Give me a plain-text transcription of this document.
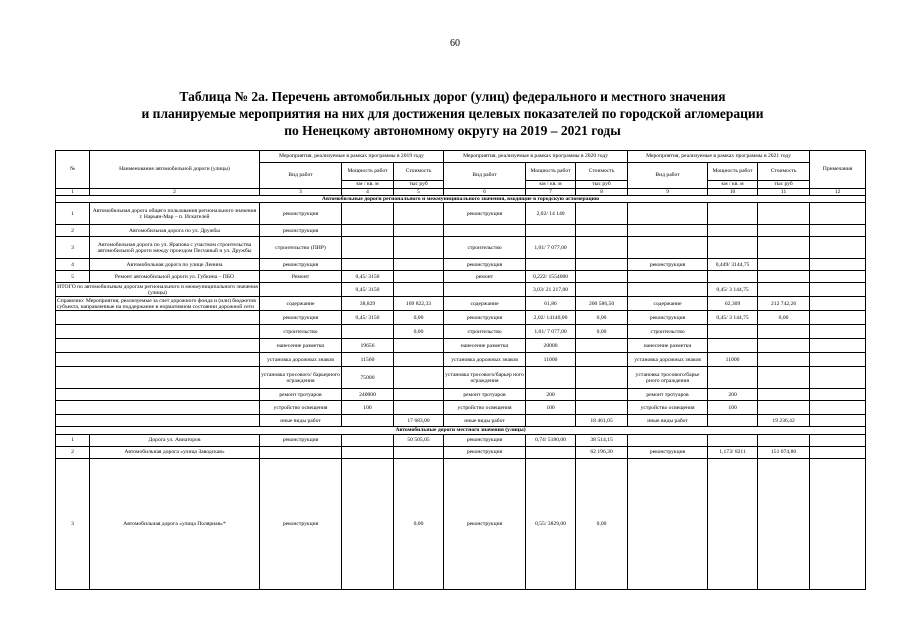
60
Таблица № 2а. Перечень автомобильных дорог (улиц) федерального и местного значения
и планируемые мероприятия на них для достижения целевых показателей по городской агломерации
по Ненецкому автономному округу на 2019 – 2021 годы
№	Наименование автомобильной дороги (улицы)	Мероприятия, реализуемые в рамках программы в 2019 году			Мероприятия, реализуемые в рамках программы в 2020 году			Мероприятия, реализуемые в рамках программы в 2021 году			Примечания	
		Вид работ	Мощность работ	Стоимость	Вид работ	Мощность работ	Стоимость	Вид работ	Мощность работ	Стоимость		
			км / кв. м	тыс руб		км / кв. м	тыс руб		км / кв. м	тыс руб		
1	2	3	4	5	6	7	8	9	10	11	12	
Автомобильные дороги регионального и межмуниципального значения, входящие в городскую агломерацию												
1	Автомобильная дорога общего пользования регионального значения г. Нарьян-Мар – п. Искателей	реконструкция			реконструкция	2,02/ 14 140						
2	Автомобильная дорога по ул. Дружбы	реконструкция										
3	Автомобильная дорога по ул. Ярапова с участком строительства автомобильной дороги между проездом Песчаный и ул. Дружбы	строительство (ПИР)			строительство	1,01/ 7 077,00						
4	Автомобильная дорога по улице Ленина	реконструкция			реконструкция			реконструкция	0,449/ 3144,75			
5	Ремонт автомобильной дороги ул. Губкина – ПБО	Ремонт	0,45/ 3150		ремонт	0,222/ 1554000						
ИТОГО по автомобильным дорогам регионального и межмуниципального значения (улицы)			0,45/ 3150			3,03/ 21 217,00			0,45/ 3 144,75			
Справочно: Мероприятия, реализуемые за счет дорожного фонда и (или) бюджетов субъекта, направленные на поддержание в нормативном состоянии дорожной сети		содержание	38,829	169 822,33	содержание	61,86	200 586,50	содержание	62,309	212 742,26		
		реконструкция	0,45/ 3150	0,00	реконструкция	2,02/ 14140,00	0,00	реконструкция	0,45/ 3 144,75	0,00		
		строительство		0,00	строительство	1,01/ 7 077,00	0,00	строительство				
		нанесение разметки	19656		нанесение разметки	20000		нанесение разметки				
		установка дорожных знаков	11560		установка дорожных знаков	11000		установка дорожных знаков	11000			
		установка тросового/ барьерного ограждения	75000		установка тросового/барьер ного ограждения			установка тросового/барье рного ограждения				
		ремонт тротуаров	240000		ремонт тротуаров	200		ремонт тротуаров	200			
		устройство освещения	100		устройство освещения	100		устройство освещения	100			
		иные виды работ		17 683,00	иные виды работ		18 461,05	иные виды работ		19 236,42		
Автомобильные дороги местного значения (улицы)												
1	Дорога ул. Авиаторов	реконструкция		50 505,05	реконструкция	0,74/ 5180,00	38 514,15					
2	Автомобильная дорога «улица Заводская»				реконструкция		62 196,30	реконструкция	1,173/ 8211	151 074,80		
3	Автомобильная дорога «улица Полярная»*	реконструкция		0,00	реконструкция	0,55/ 3829,00	0,00					
